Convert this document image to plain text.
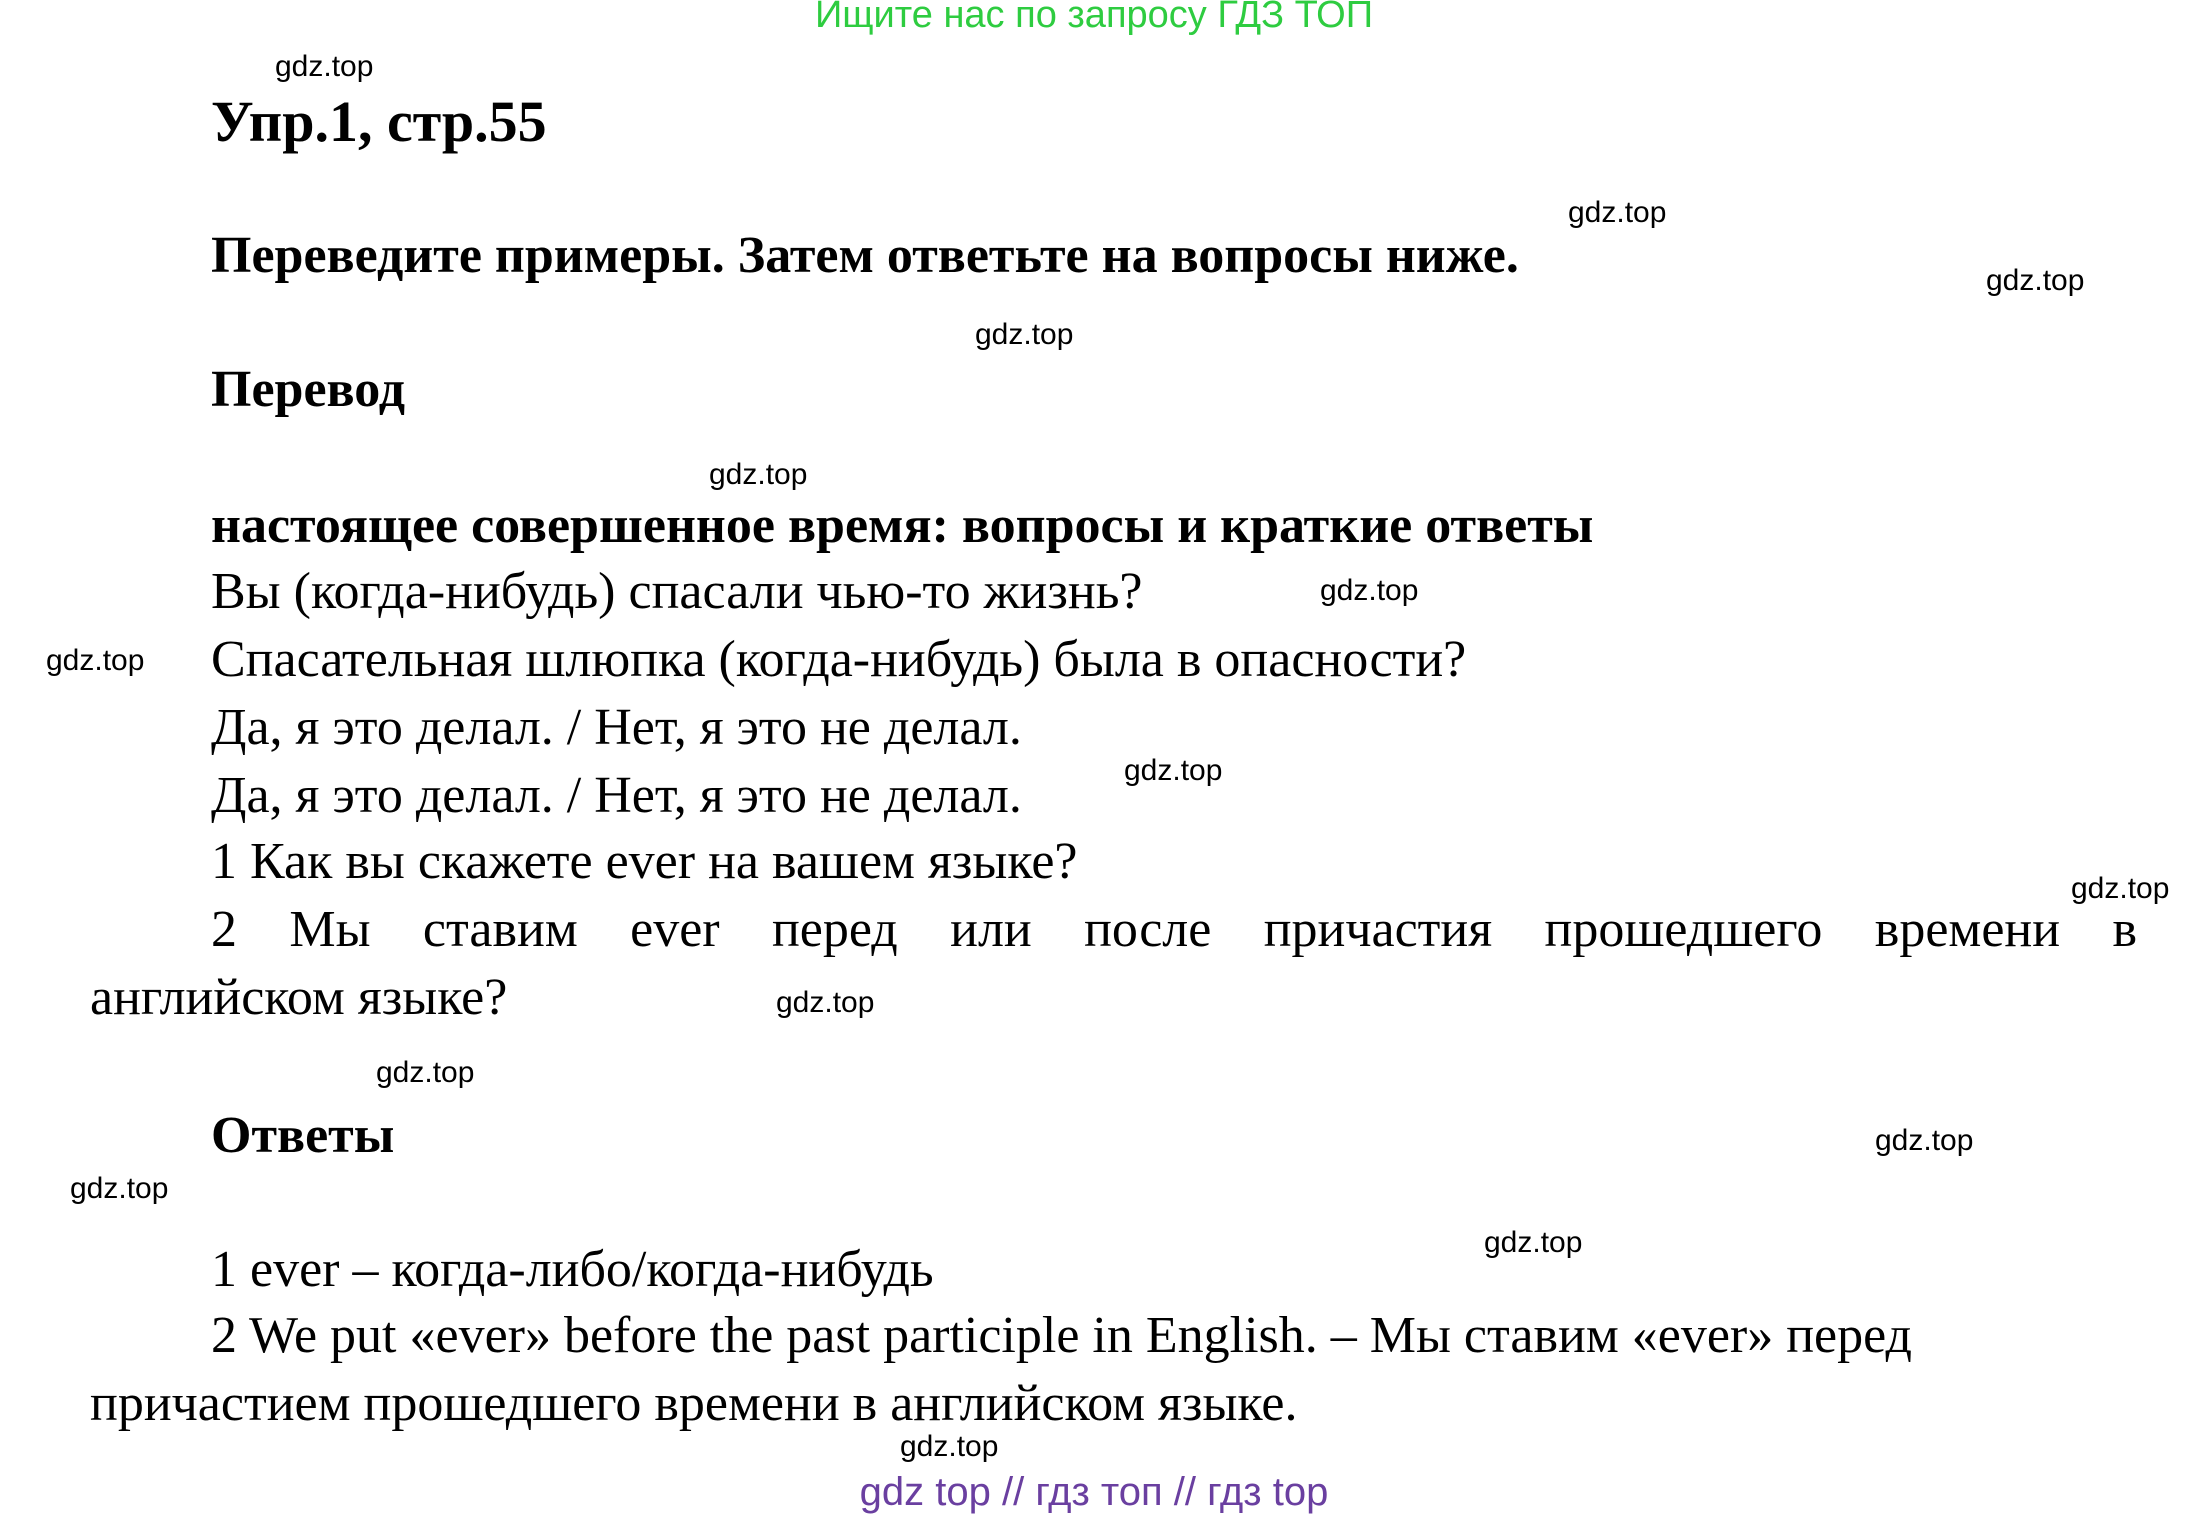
Ищите нас по запросу ГДЗ ТОП
Упр.1, стр.55
Переведите примеры. Затем ответьте на вопросы ниже.
Перевод
настоящее совершенное время: вопросы и краткие ответы
Вы (когда-нибудь) спасали чью-то жизнь?
Спасательная шлюпка (когда-нибудь) была в опасности?
Да, я это делал. / Нет, я это не делал.
Да, я это делал. / Нет, я это не делал.
1 Как вы скажете ever на вашем языке?
2 Мы ставим ever перед или после причастия прошедшего времени в
английском языке?
Ответы
1 ever – когда-либо/когда-нибудь
2 We put «ever» before the past participle in English. – Мы ставим «ever» перед
причастием прошедшего времени в английском языке.
gdz.top
gdz.top
gdz.top
gdz.top
gdz.top
gdz.top
gdz.top
gdz.top
gdz.top
gdz.top
gdz.top
gdz.top
gdz.top
gdz.top
gdz.top
gdz top // гдз топ // гдз top
